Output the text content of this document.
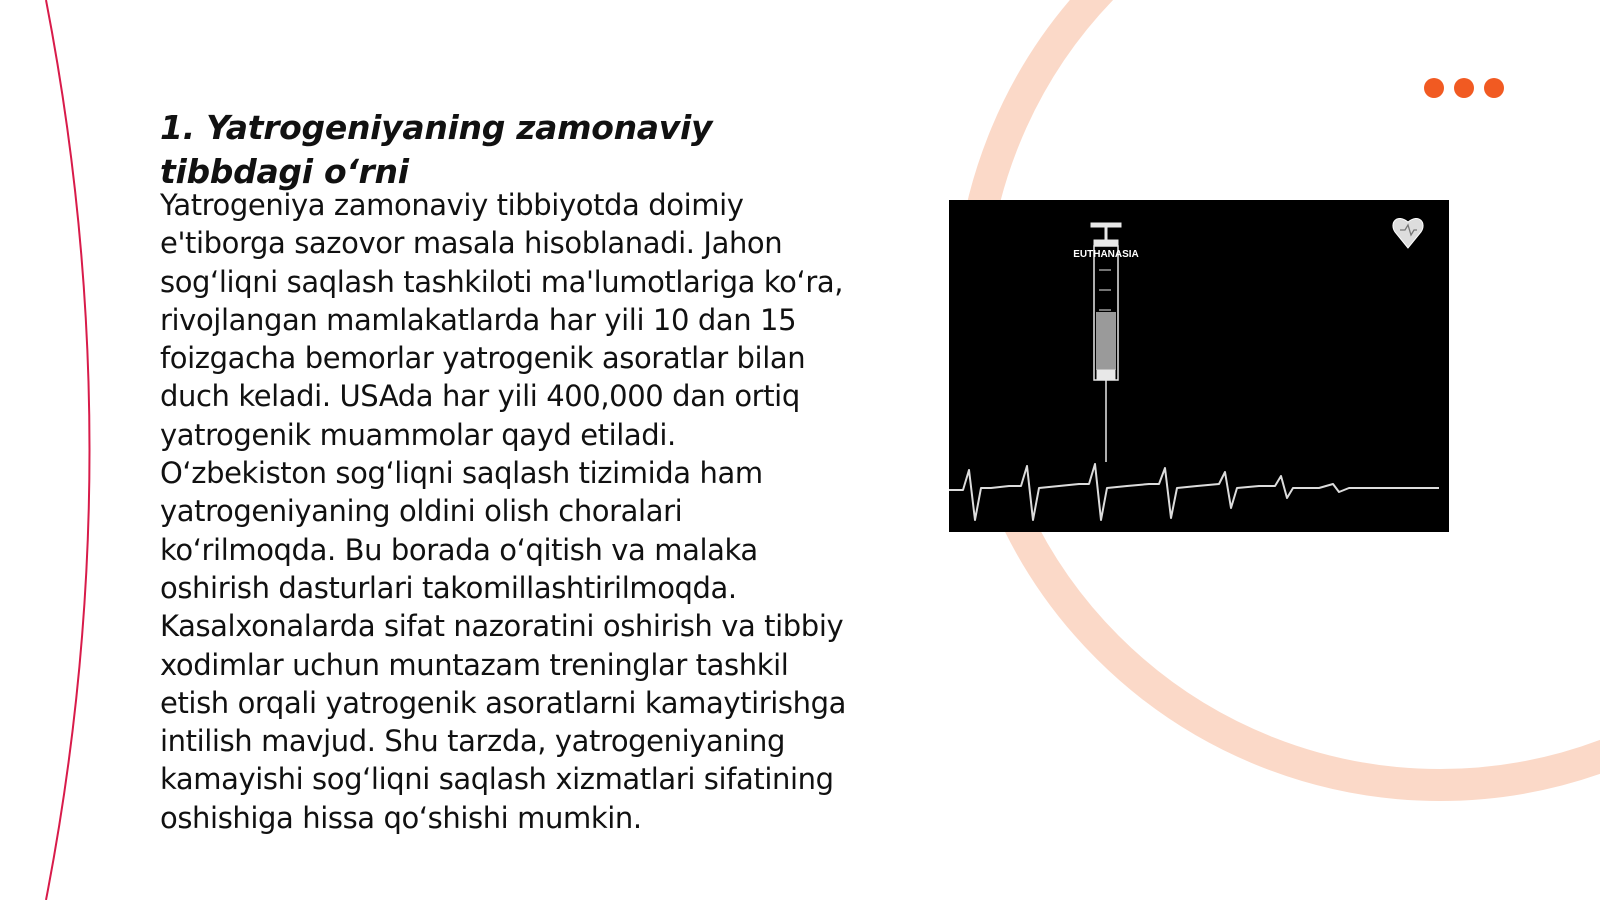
1. Yatrogeniyaning zamonaviy tibbdagi o‘rni

Yatrogeniya zamonaviy tibbiyotda doimiy e'tiborga sazovor masala hisoblanadi. Jahon sog‘liqni saqlash tashkiloti ma'lumotlariga ko‘ra, rivojlangan mamlakatlarda har yili 10 dan 15 foizgacha bemorlar yatrogenik asoratlar bilan duch keladi. USAda har yili 400,000 dan ortiq yatrogenik muammolar qayd etiladi. O‘zbekiston sog‘liqni saqlash tizimida ham yatrogeniyaning oldini olish choralari ko‘rilmoqda. Bu borada o‘qitish va malaka oshirish dasturlari takomillashtirilmoqda. Kasalxonalarda sifat nazoratini oshirish va tibbiy xodimlar uchun muntazam treninglar tashkil etish orqali yatrogenik asoratlarni kamaytirishga intilish mavjud. Shu tarzda, yatrogeniyaning kamayishi sog‘liqni saqlash xizmatlari sifatining oshishiga hissa qo‘shishi mumkin.

EUTHANASIA
